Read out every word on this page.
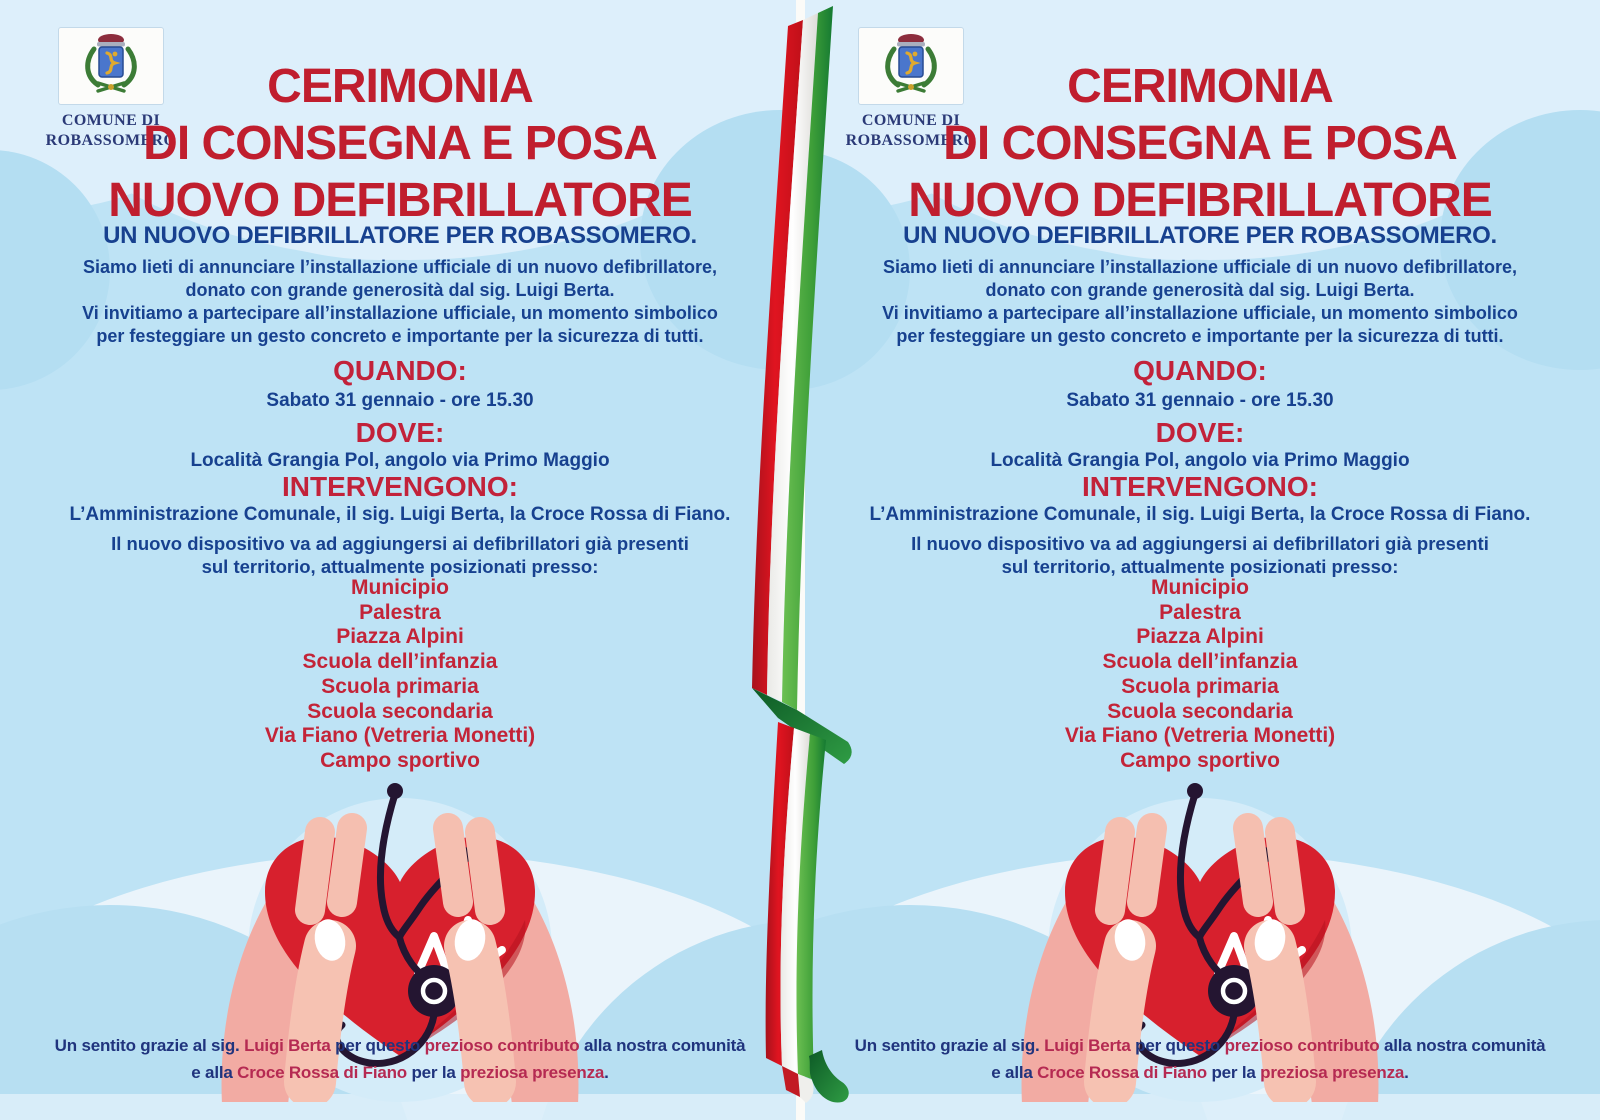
COMUNE DI
ROBASSOMERO
CERIMONIA
DI CONSEGNA E POSA
NUOVO DEFIBRILLATORE
UN NUOVO DEFIBRILLATORE PER ROBASSOMERO.
Siamo lieti di annunciare l’installazione ufficiale di un nuovo defibrillatore,
donato con grande generosità dal sig. Luigi Berta.
Vi invitiamo a partecipare all’installazione ufficiale, un momento simbolico
per festeggiare un gesto concreto e importante per la sicurezza di tutti.
QUANDO:
Sabato 31 gennaio - ore 15.30
DOVE:
Località Grangia Pol, angolo via Primo Maggio
INTERVENGONO:
L’Amministrazione Comunale, il sig. Luigi Berta, la Croce Rossa di Fiano.
Il nuovo dispositivo va ad aggiungersi ai defibrillatori già presenti
sul territorio, attualmente posizionati presso:
Municipio
Palestra
Piazza Alpini
Scuola dell’infanzia
Scuola primaria
Scuola secondaria
Via Fiano (Vetreria Monetti)
Campo sportivo
Un sentito grazie al sig. Luigi Berta per questo prezioso contributo alla nostra comunità
e alla Croce Rossa di Fiano per la preziosa presenza.
COMUNE DI
ROBASSOMERO
CERIMONIA
DI CONSEGNA E POSA
NUOVO DEFIBRILLATORE
UN NUOVO DEFIBRILLATORE PER ROBASSOMERO.
Siamo lieti di annunciare l’installazione ufficiale di un nuovo defibrillatore,
donato con grande generosità dal sig. Luigi Berta.
Vi invitiamo a partecipare all’installazione ufficiale, un momento simbolico
per festeggiare un gesto concreto e importante per la sicurezza di tutti.
QUANDO:
Sabato 31 gennaio - ore 15.30
DOVE:
Località Grangia Pol, angolo via Primo Maggio
INTERVENGONO:
L’Amministrazione Comunale, il sig. Luigi Berta, la Croce Rossa di Fiano.
Il nuovo dispositivo va ad aggiungersi ai defibrillatori già presenti
sul territorio, attualmente posizionati presso:
Municipio
Palestra
Piazza Alpini
Scuola dell’infanzia
Scuola primaria
Scuola secondaria
Via Fiano (Vetreria Monetti)
Campo sportivo
Un sentito grazie al sig. Luigi Berta per questo prezioso contributo alla nostra comunità
e alla Croce Rossa di Fiano per la preziosa presenza.
